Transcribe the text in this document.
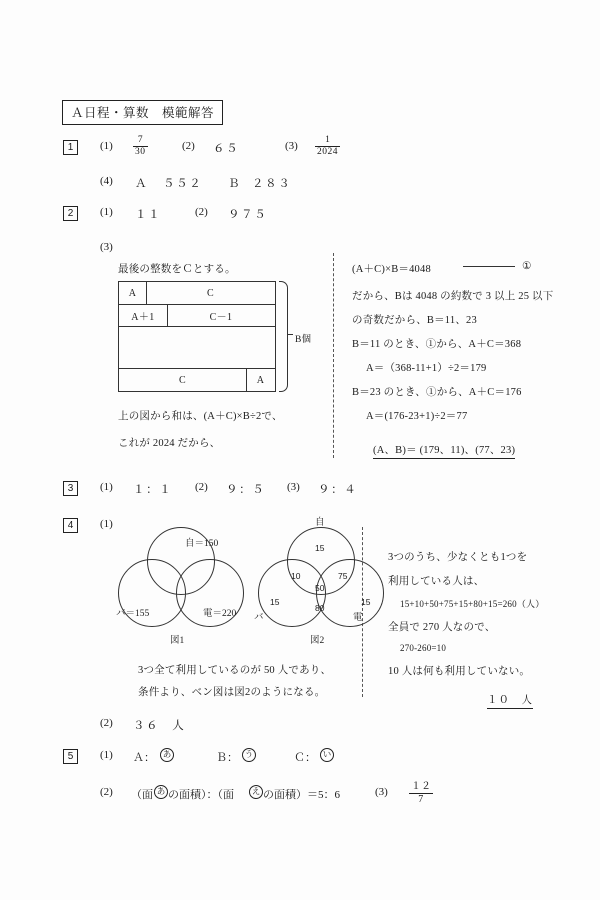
Ａ日程・算数　模範解答
1	(1)	7
30	(2) ６５	(3)	1
2024
(4) Ａ ５５２ Ｂ ２８３
2	(1) １１	(2) ９７５
(3)
最後の整数をＣとする。
A	C
A＋1	C－1
C	A
B個
上の図から和は、(A＋C)×B÷2で、
これが 2024 だから、
(A＋C)×B＝4048	①
だから、Bは 4048 の約数で 3 以上 25 以下
の奇数だから、B＝11、23
B＝11 のとき、①から、A＋C＝368
A＝（368-11+1）÷2＝179
B＝23 のとき、①から、A＋C＝176
A＝(176-23+1)÷2＝77
(A、B)＝ (179、11)、(77、23)
3	(1) １：１ (2) ９：５ (3) ９：４
4	(1)
自＝150
バ＝155	電＝220
図1
自
バ	電
15
10	75
50
15
80
15
図2
3つ全て利用しているのが 50 人であり、
条件より、ベン図は図2のようになる。
3つのうち、少なくとも1つを
利用している人は、
15+10+50+75+15+80+15=260（人）
全員で 270 人なので、
270-260=10
10 人は何も利用していない。
１０　人
(2) ３６　人
5	(1) Ａ： あ	Ｂ： う	Ｃ： い
(2) （面 あ の面積）：（面	え の面積）＝5：6	(3) １２
7
